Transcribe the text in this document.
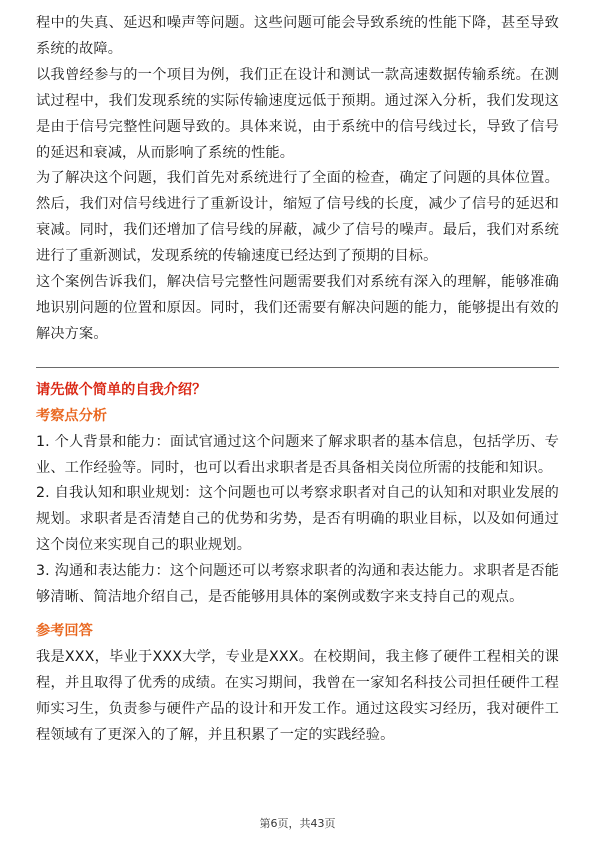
程中的失真、延迟和噪声等问题。这些问题可能会导致系统的性能下降，甚至导致系统的故障。

以我曾经参与的一个项目为例，我们正在设计和测试一款高速数据传输系统。在测试过程中，我们发现系统的实际传输速度远低于预期。通过深入分析，我们发现这是由于信号完整性问题导致的。具体来说，由于系统中的信号线过长，导致了信号的延迟和衰减，从而影响了系统的性能。

为了解决这个问题，我们首先对系统进行了全面的检查，确定了问题的具体位置。然后，我们对信号线进行了重新设计，缩短了信号线的长度，减少了信号的延迟和衰减。同时，我们还增加了信号线的屏蔽，减少了信号的噪声。最后，我们对系统进行了重新测试，发现系统的传输速度已经达到了预期的目标。

这个案例告诉我们，解决信号完整性问题需要我们对系统有深入的理解，能够准确地识别问题的位置和原因。同时，我们还需要有解决问题的能力，能够提出有效的解决方案。

请先做个简单的自我介绍？

考察点分析

1. 个人背景和能力：面试官通过这个问题来了解求职者的基本信息，包括学历、专业、工作经验等。同时，也可以看出求职者是否具备相关岗位所需的技能和知识。

2. 自我认知和职业规划：这个问题也可以考察求职者对自己的认知和对职业发展的规划。求职者是否清楚自己的优势和劣势，是否有明确的职业目标，以及如何通过这个岗位来实现自己的职业规划。

3. 沟通和表达能力：这个问题还可以考察求职者的沟通和表达能力。求职者是否能够清晰、简洁地介绍自己，是否能够用具体的案例或数字来支持自己的观点。

参考回答

我是XXX，毕业于XXX大学，专业是XXX。在校期间，我主修了硬件工程相关的课程，并且取得了优秀的成绩。在实习期间，我曾在一家知名科技公司担任硬件工程师实习生，负责参与硬件产品的设计和开发工作。通过这段实习经历，我对硬件工程领域有了更深入的了解，并且积累了一定的实践经验。

第6页，共43页
